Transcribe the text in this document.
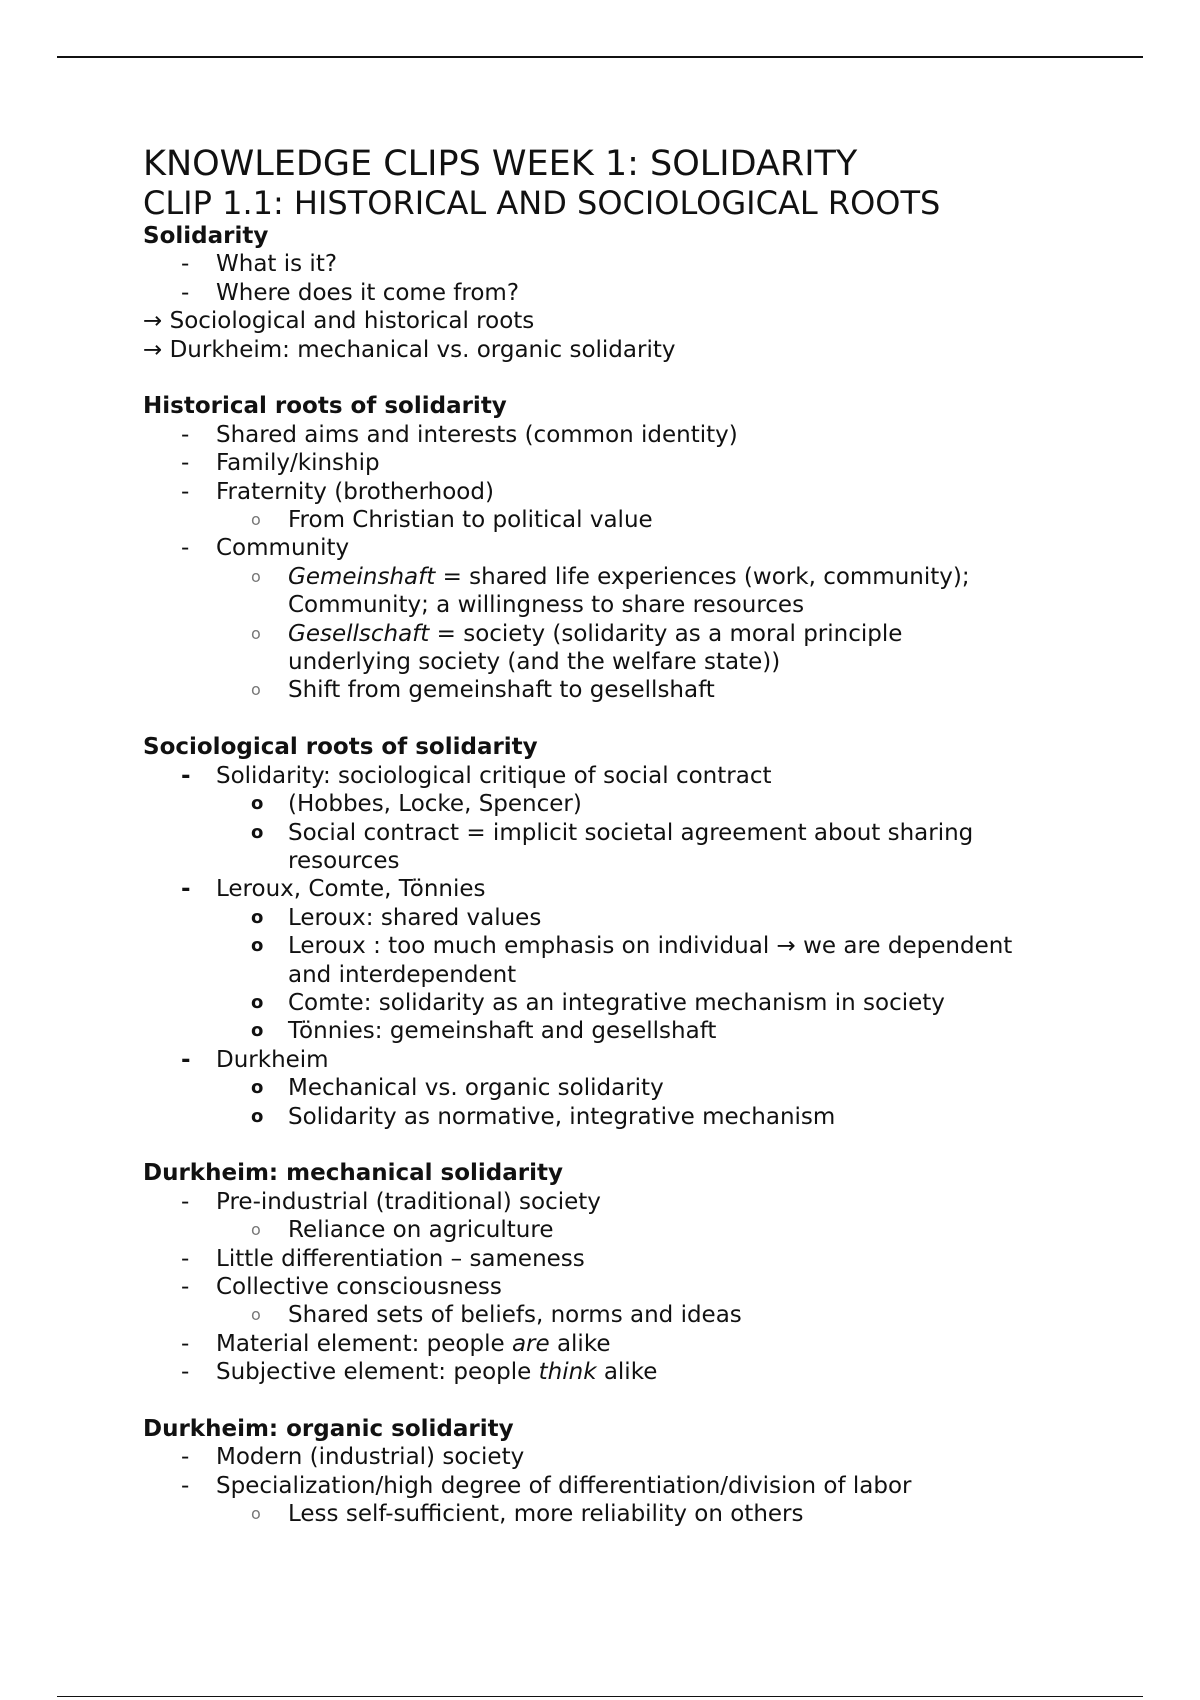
KNOWLEDGE CLIPS WEEK 1: SOLIDARITY
CLIP 1.1: HISTORICAL AND SOCIOLOGICAL ROOTS
Solidarity
- What is it?
- Where does it come from?
→ Sociological and historical roots
→ Durkheim: mechanical vs. organic solidarity
Historical roots of solidarity
- Shared aims and interests (common identity)
- Family/kinship
- Fraternity (brotherhood)
o From Christian to political value
- Community
o Gemeinshaft = shared life experiences (work, community);
Community; a willingness to share resources
o Gesellschaft = society (solidarity as a moral principle
underlying society (and the welfare state))
o Shift from gemeinshaft to gesellshaft
Sociological roots of solidarity
- Solidarity: sociological critique of social contract
o (Hobbes, Locke, Spencer)
o Social contract = implicit societal agreement about sharing
resources
- Leroux, Comte, Tönnies
o Leroux: shared values
o Leroux : too much emphasis on individual → we are dependent
and interdependent
o Comte: solidarity as an integrative mechanism in society
o Tönnies: gemeinshaft and gesellshaft
- Durkheim
o Mechanical vs. organic solidarity
o Solidarity as normative, integrative mechanism
Durkheim: mechanical solidarity
- Pre-industrial (traditional) society
o Reliance on agriculture
- Little differentiation – sameness
- Collective consciousness
o Shared sets of beliefs, norms and ideas
- Material element: people are alike
- Subjective element: people think alike
Durkheim: organic solidarity
- Modern (industrial) society
- Specialization/high degree of differentiation/division of labor
o Less self-sufficient, more reliability on others
